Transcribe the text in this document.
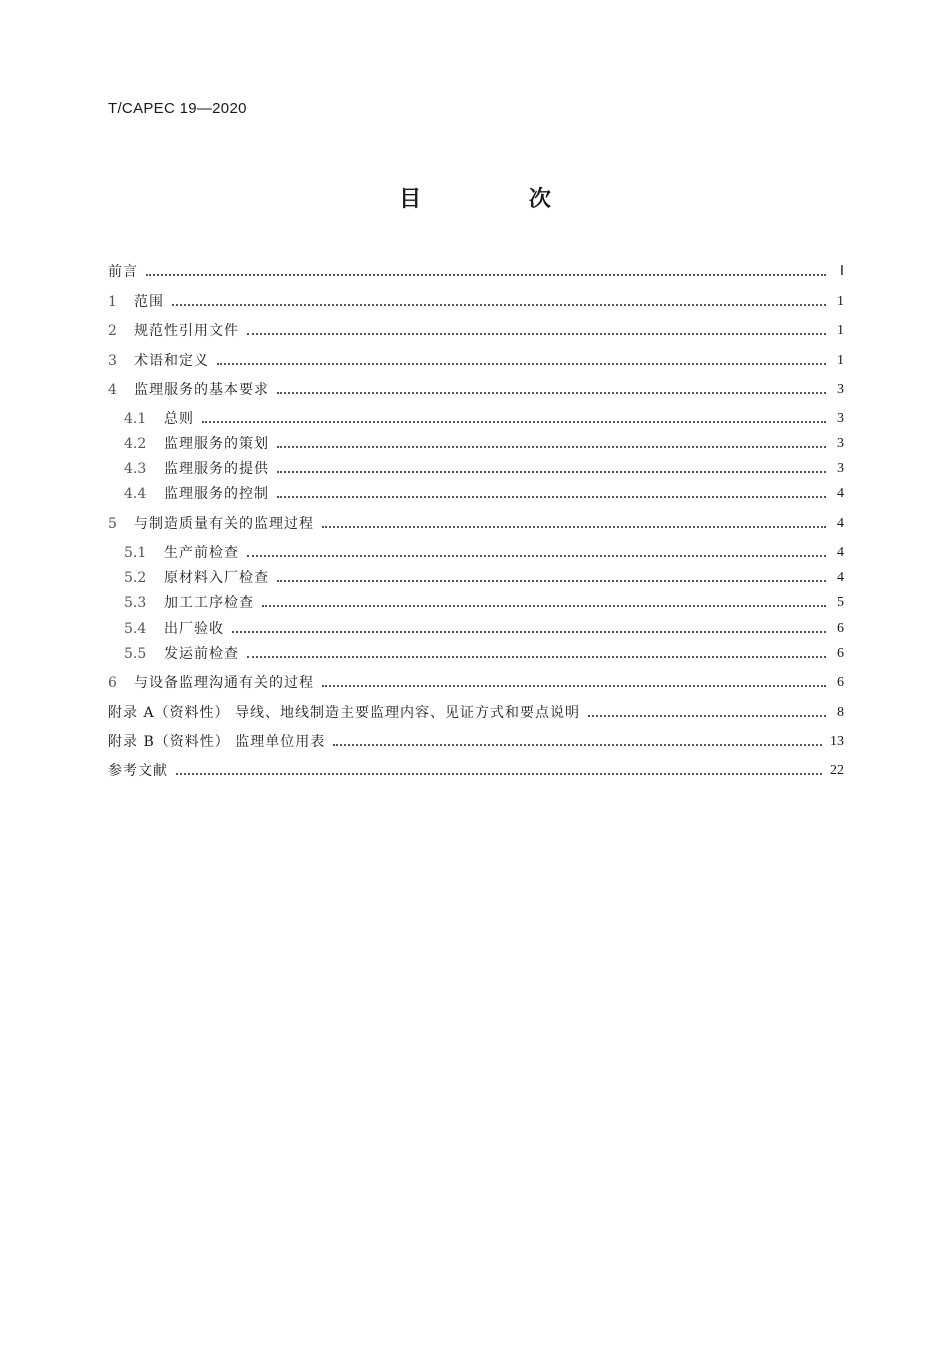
T/CAPEC 19—2020
目 次
前言	Ⅰ
1	范围	1
2	规范性引用文件	1
3	术语和定义	1
4	监理服务的基本要求	3
4.1	总则	3
4.2	监理服务的策划	3
4.3	监理服务的提供	3
4.4	监理服务的控制	4
5	与制造质量有关的监理过程	4
5.1	生产前检查	4
5.2	原材料入厂检查	4
5.3	加工工序检查	5
5.4	出厂验收	6
5.5	发运前检查	6
6	与设备监理沟通有关的过程	6
附录 A（资料性） 导线、地线制造主要监理内容、见证方式和要点说明	8
附录 B（资料性） 监理单位用表	13
参考文献	22
